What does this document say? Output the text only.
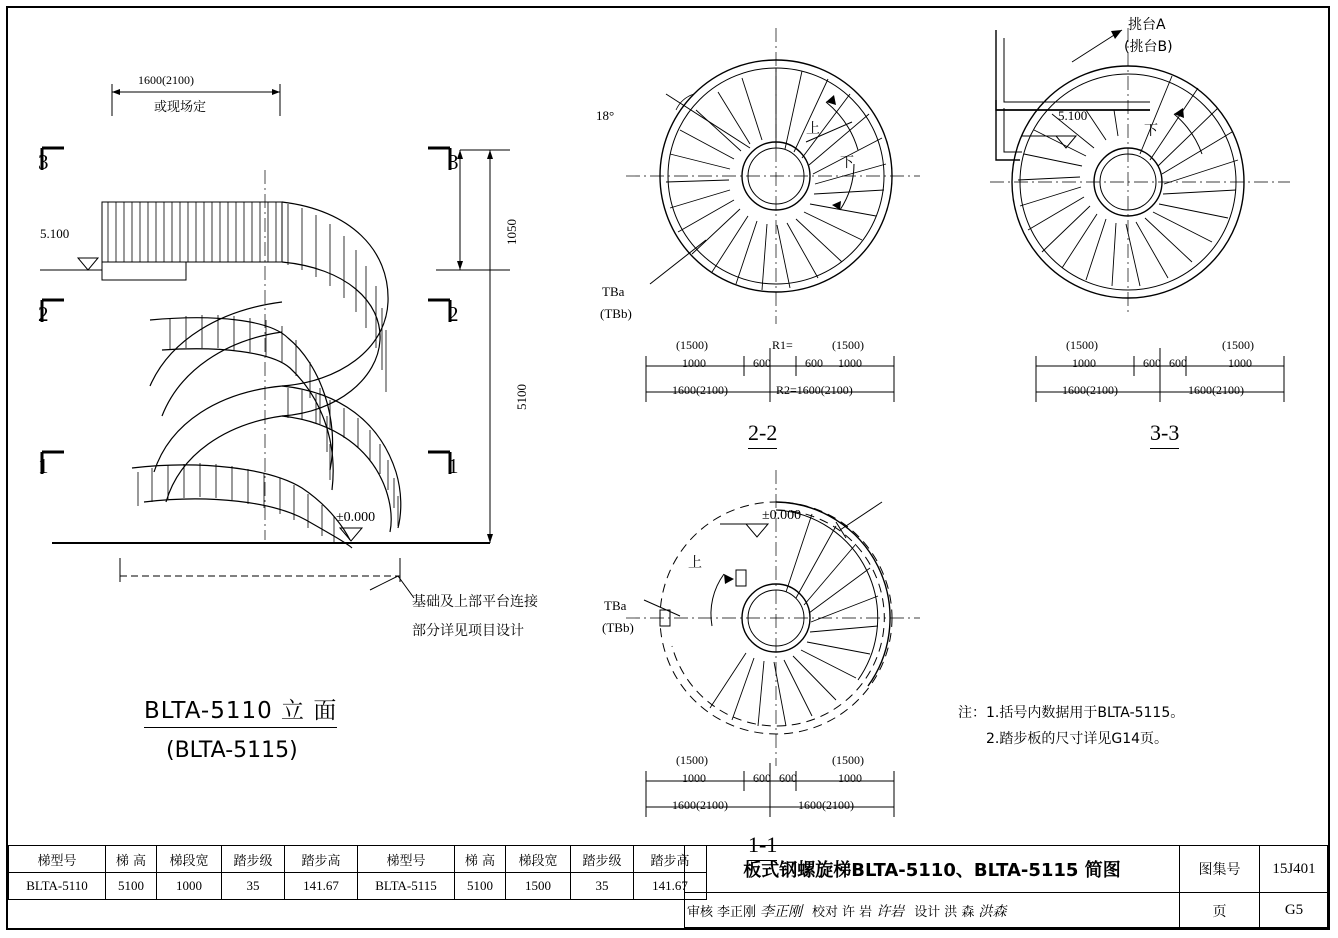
1600(2100)
或现场定
3	3
2	2
1	1
5.100
±0.000
1050
5100
基础及上部平台连接
部分详见项目设计
BLTA-5110 立 面
(BLTA-5115)
18°
上
下
TBa
(TBb)
(1500)
1000	600
R1=
600
(1500)
1000
1600(2100)	R2=1600(2100)
2-2
挑台A
(挑台B)
5.100
下
(1500)
1000	600 600
(1500)
1000
1600(2100)	1600(2100)
3-3
±0.000
上
TBa
(TBb)
(1500)
1000	600 600
(1500)
1000
1600(2100)	1600(2100)
1-1
注： 1.括号内数据用于BLTA-5115。
2.踏步板的尺寸详见G14页。
梯型号	梯 高	梯段宽	踏步级	踏步高	梯型号	梯 高	梯段宽	踏步级	踏步高
BLTA-5110	5100	1000	35	141.67	BLTA-5115	5100	1500	35	141.67
板式钢螺旋梯BLTA-5110、BLTA-5115 简图
审核 李正刚 李正刚 校对 许 岩 许岩 设计 洪 森 洪森
图集号	15J401
页	G5
